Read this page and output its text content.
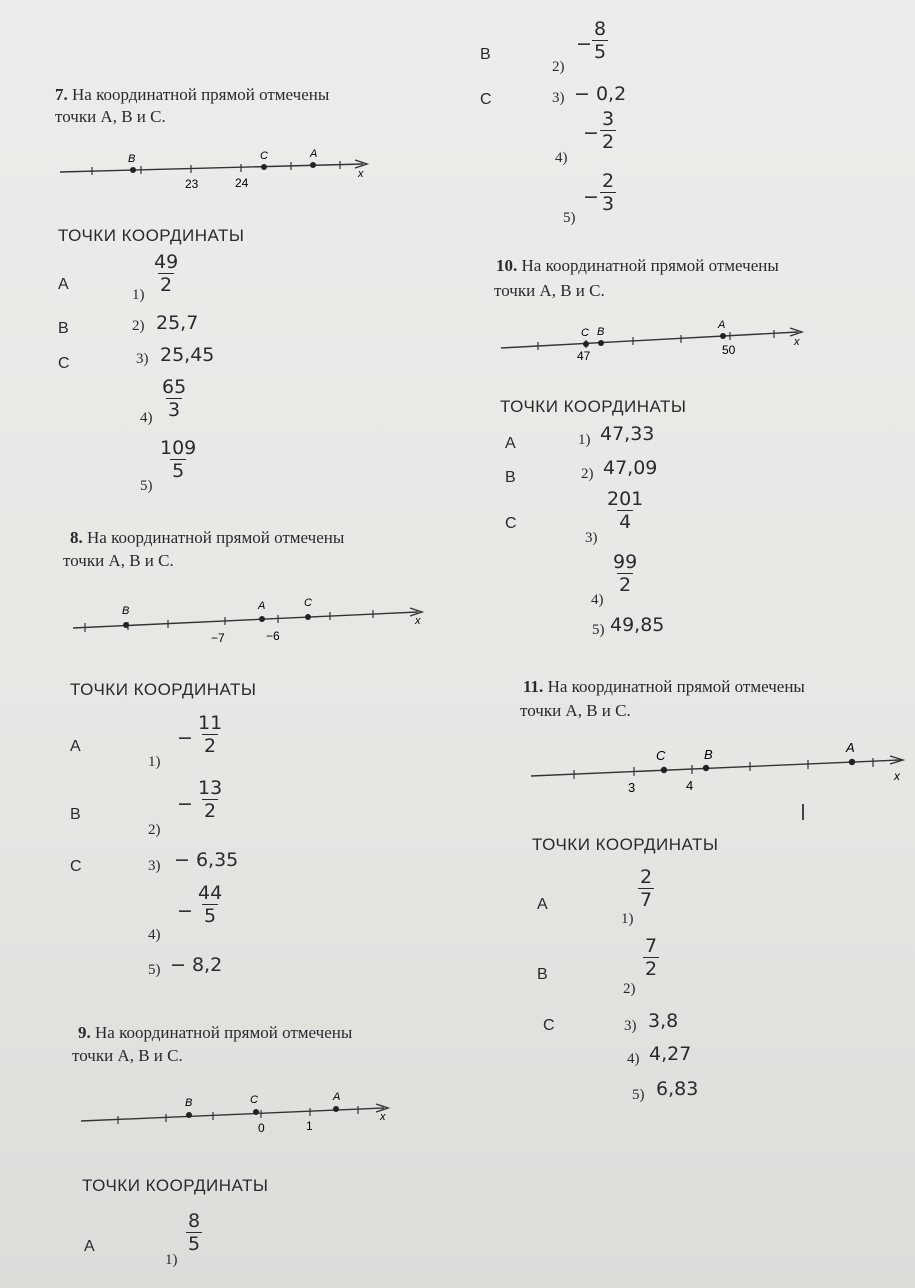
B
2)
− $\frac{8}{5}$
C	3) − 0,2
4)
− $\frac{3}{2}$
5)
− $\frac{2}{3}$
7. На координатной прямой отмечены
точки А, В и С.
B	C	A
23	24
x
ТОЧКИ КООРДИНАТЫ
A
B
C
$1) \frac{49}{2}$
2) 25,7
3) 25,45
$4) \frac{65}{3}$
5)
$\frac{109}{5}$
8. На координатной прямой отмечены
точки А, В и С.
B	A	C
−7	−6
x
ТОЧКИ КООРДИНАТЫ
A
B
C
1)
− $\frac{11}{2}$
2)
− $\frac{13}{2}$
3) − 6,35
4)
− $\frac{44}{5}$
5) − 8,2
9. На координатной прямой отмечены
точки А, В и С.
B	C	A
0	1
x
ТОЧКИ КООРДИНАТЫ
A
1)
$\frac{8}{5}$
10. На координатной прямой отмечены
точки А, В и С.
C B
A
47	50
x
ТОЧКИ КООРДИНАТЫ
A
B
C
1) 47,33
2) 47,09
3)
$\frac{201}{4}$
4)
$\frac{99}{2}$
5) 49,85
11. На координатной прямой отмечены
точки А, В и С.
C	B	A
3	4
x
ТОЧКИ КООРДИНАТЫ
A
B
C
1)
$\frac{2}{7}$
2)
$\frac{7}{2}$
3) 3,8
4) 4,27
5) 6,83
